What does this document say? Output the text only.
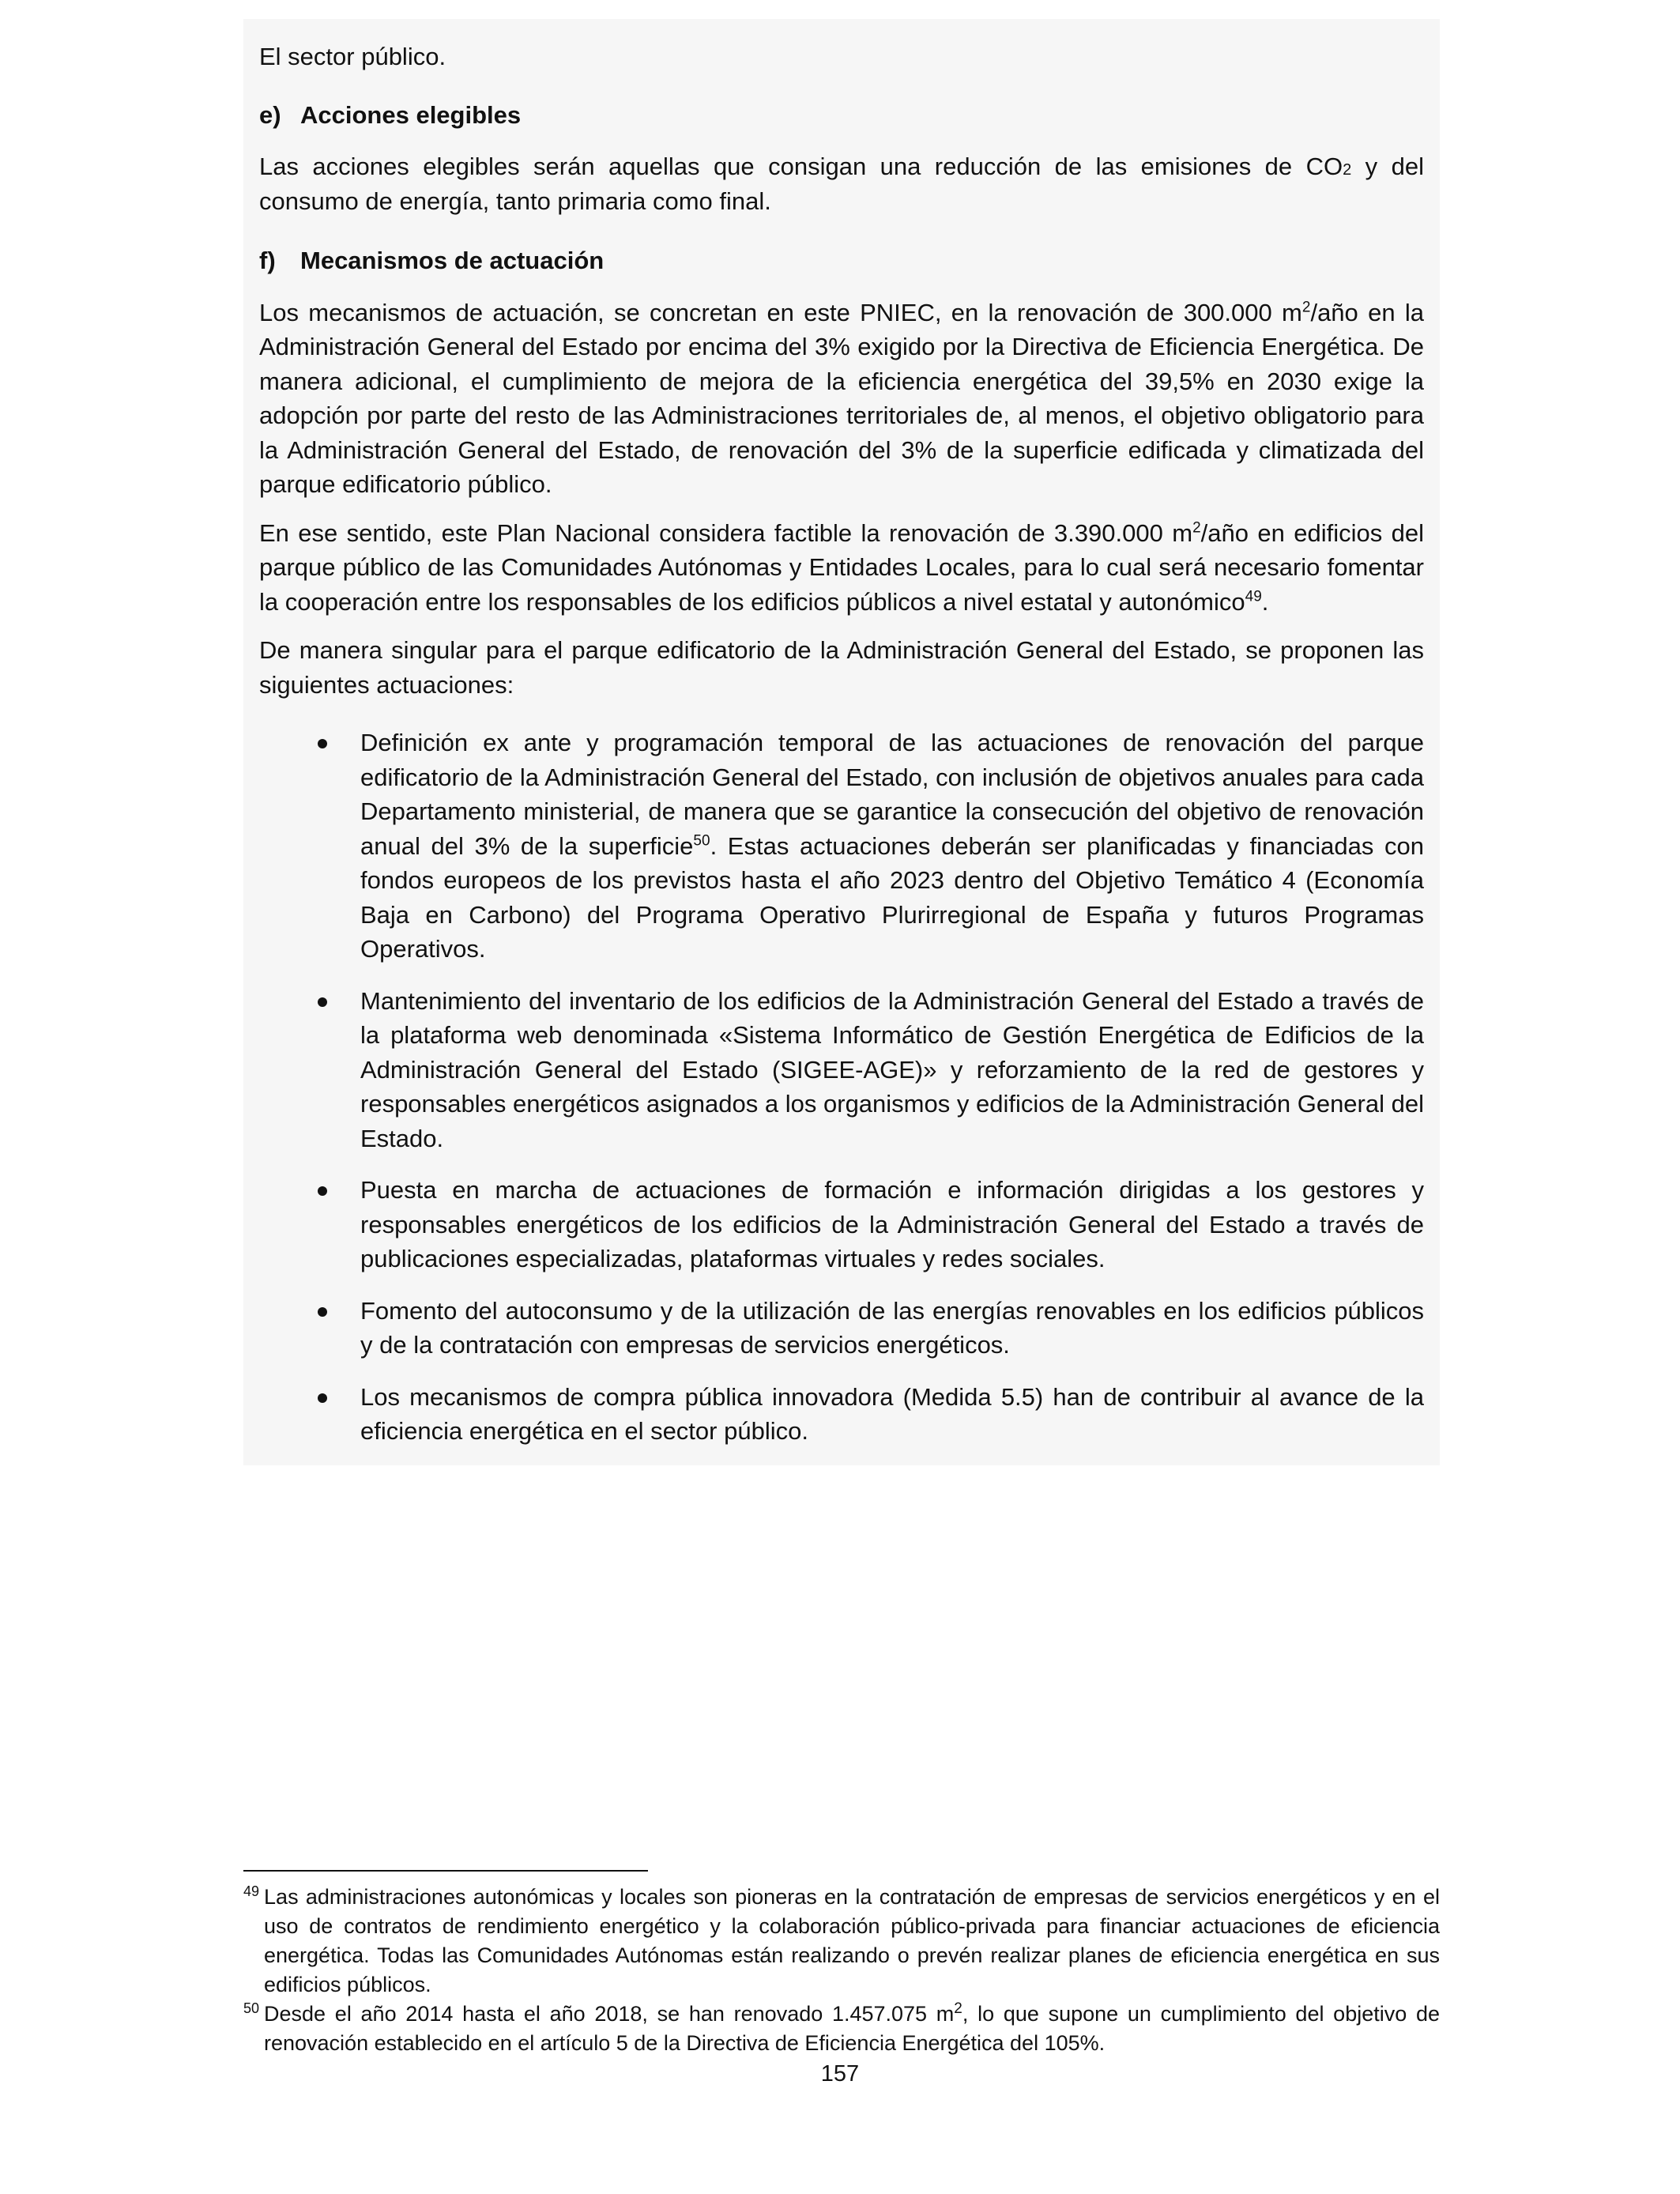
El sector público.

e) Acciones elegibles

Las acciones elegibles serán aquellas que consigan una reducción de las emisiones de CO2 y del consumo de energía, tanto primaria como final.

f)	Mecanismos de actuación

Los mecanismos de actuación, se concretan en este PNIEC, en la renovación de 300.000 $m^2$/año en la Administración General del Estado por encima del 3% exigido por la Directiva de Eficiencia Energética. De manera adicional, el cumplimiento de mejora de la eficiencia energética del 39,5% en 2030 exige la adopción por parte del resto de las Administraciones territoriales de, al menos, el objetivo obligatorio para la Administración General del Estado, de renovación del 3% de la superficie edificada y climatizada del parque edificatorio público.

En ese sentido, este Plan Nacional considera factible la renovación de 3.390.000 $m^2$/año en edificios del parque público de las Comunidades Autónomas y Entidades Locales, para lo cual será necesario fomentar la cooperación entre los responsables de los edificios públicos a nivel estatal y autonómico$^{49}$.

De manera singular para el parque edificatorio de la Administración General del Estado, se proponen las siguientes actuaciones:

Definición ex ante y programación temporal de las actuaciones de renovación del parque edificatorio de la Administración General del Estado, con inclusión de objetivos anuales para cada Departamento ministerial, de manera que se garantice la consecución del objetivo de renovación anual del 3% de la superficie$^{50}$. Estas actuaciones deberán ser planificadas y financiadas con fondos europeos de los previstos hasta el año 2023 dentro del Objetivo Temático 4 (Economía Baja en Carbono) del Programa Operativo Plurirregional de España y futuros Programas Operativos.
Mantenimiento del inventario de los edificios de la Administración General del Estado a través de la plataforma web denominada «Sistema Informático de Gestión Energética de Edificios de la Administración General del Estado (SIGEE-AGE)» y reforzamiento de la red de gestores y responsables energéticos asignados a los organismos y edificios de la Administración General del Estado.
Puesta en marcha de actuaciones de formación e información dirigidas a los gestores y responsables energéticos de los edificios de la Administración General del Estado a través de publicaciones especializadas, plataformas virtuales y redes sociales.
Fomento del autoconsumo y de la utilización de las energías renovables en los edificios públicos y de la contratación con empresas de servicios energéticos.
Los mecanismos de compra pública innovadora (Medida 5.5) han de contribuir al avance de la eficiencia energética en el sector público.

$^{49}$ Las administraciones autonómicas y locales son pioneras en la contratación de empresas de servicios energéticos y en el uso de contratos de rendimiento energético y la colaboración público-privada para financiar actuaciones de eficiencia energética. Todas las Comunidades Autónomas están realizando o prevén realizar planes de eficiencia energética en sus edificios públicos.

$^{50}$ Desde el año 2014 hasta el año 2018, se han renovado 1.457.075 $m^2$, lo que supone un cumplimiento del objetivo de renovación establecido en el artículo 5 de la Directiva de Eficiencia Energética del 105%.

157
